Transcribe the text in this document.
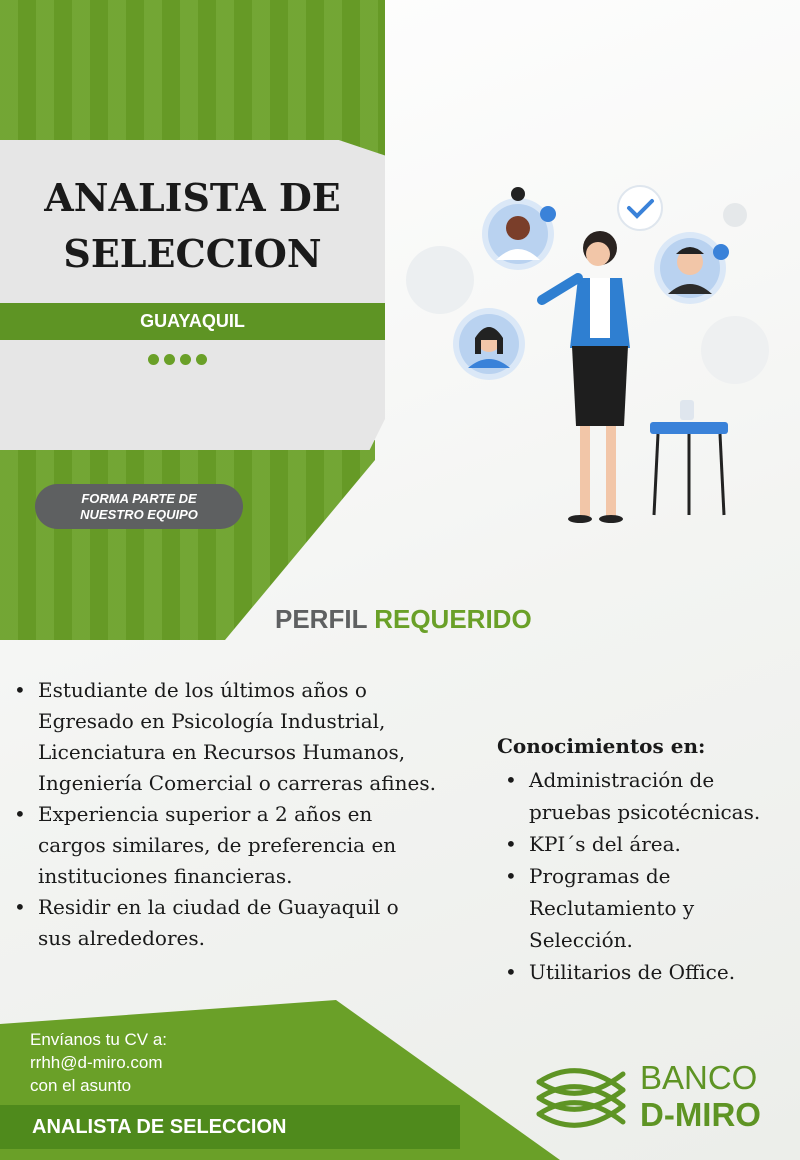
ANALISTA DE
SELECCION
GUAYAQUIL
FORMA PARTE DE
NUESTRO EQUIPO
PERFIL REQUERIDO
• Estudiante de los últimos años o Egresado en Psicología Industrial, Licenciatura en Recursos Humanos, Ingeniería Comercial o carreras afines.
• Experiencia superior a 2 años en cargos similares, de preferencia en instituciones financieras.
• Residir en la ciudad de Guayaquil o sus alrededores.
Conocimientos en:
• Administración de pruebas psicotécnicas.
• KPI´s del área.
• Programas de Reclutamiento y Selección.
• Utilitarios de Office.
Envíanos tu CV a:
rrhh@d-miro.com
con el asunto
ANALISTA DE SELECCION
BANCO
D-MIRO
